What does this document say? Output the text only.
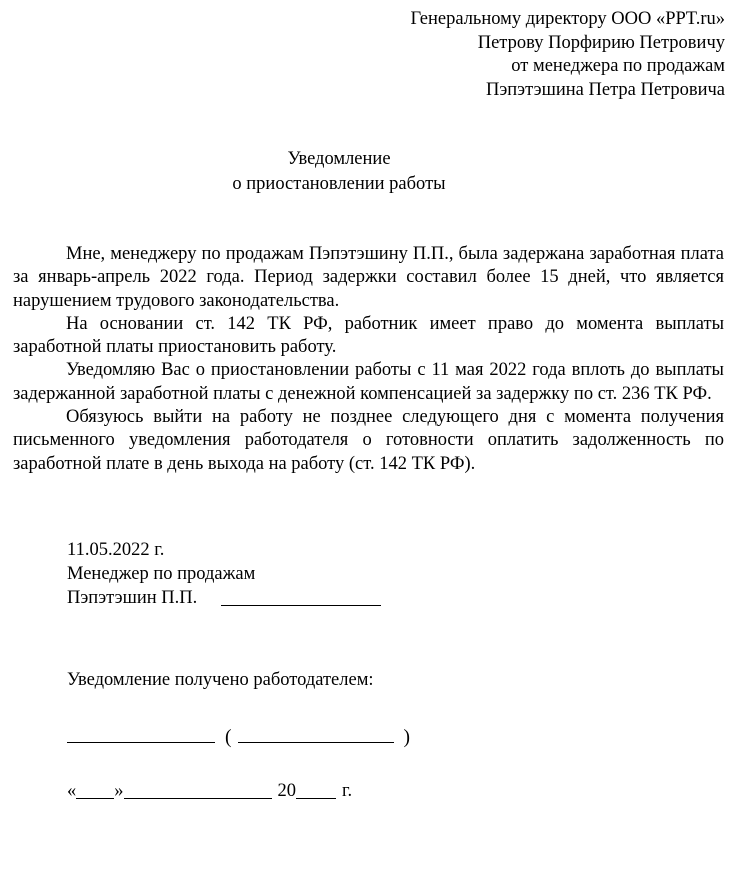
Генеральному директору ООО «PPT.ru»
Петрову Порфирию Петровичу
от менеджера по продажам
Пэпэтэшина Петра Петровича
Уведомление
о приостановлении работы

Мне, менеджеру по продажам Пэпэтэшину П.П., была задержана заработная плата за январь-апрель 2022 года. Период задержки составил более 15 дней, что является нарушением трудового законодательства.

На основании ст. 142 ТК РФ, работник имеет право до момента выплаты заработной платы приостановить работу.

Уведомляю Вас о приостановлении работы с 11 мая 2022 года вплоть до выплаты задержанной заработной платы с денежной компенсацией за задержку по ст. 236 ТК РФ.

Обязуюсь выйти на работу не позднее следующего дня с момента получения письменного уведомления работодателя о готовности оплатить задолженность по заработной плате в день выхода на работу (ст. 142 ТК РФ).

11.05.2022 г.
Менеджер по продажам
Пэпэтэшин П.П.
Уведомление получено работодателем:
(	)
« »	20 г.
